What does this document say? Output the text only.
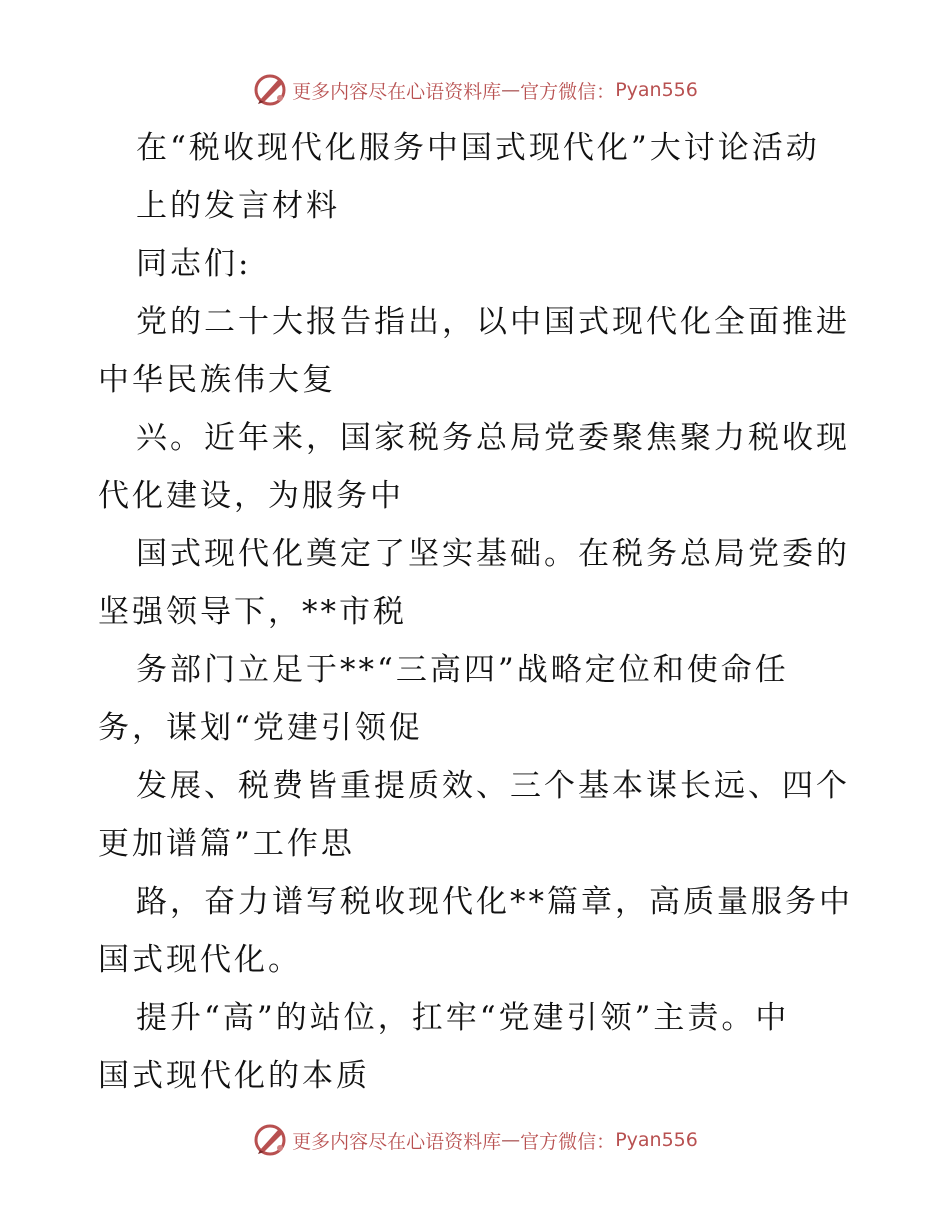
更多内容尽在心语资料库 — 官方微信： Pyan556
在“税收现代化服务中国式现代化”大讨论活动
上的发言材料
同志们:
党的二十大报告指出，以中国式现代化全面推进
中华民族伟大复
兴。近年来，国家税务总局党委聚焦聚力税收现
代化建设，为服务中
国式现代化奠定了坚实基础。在税务总局党委的
坚强领导下，**市税
务部门立足于**“三高四”战略定位和使命任
务，谋划“党建引领促
发展、税费皆重提质效、三个基本谋长远、四个
更加谱篇”工作思
路，奋力谱写税收现代化**篇章，高质量服务中
国式现代化。
提升“高”的站位，扛牢“党建引领”主责。中
国式现代化的本质
更多内容尽在心语资料库 — 官方微信： Pyan556
